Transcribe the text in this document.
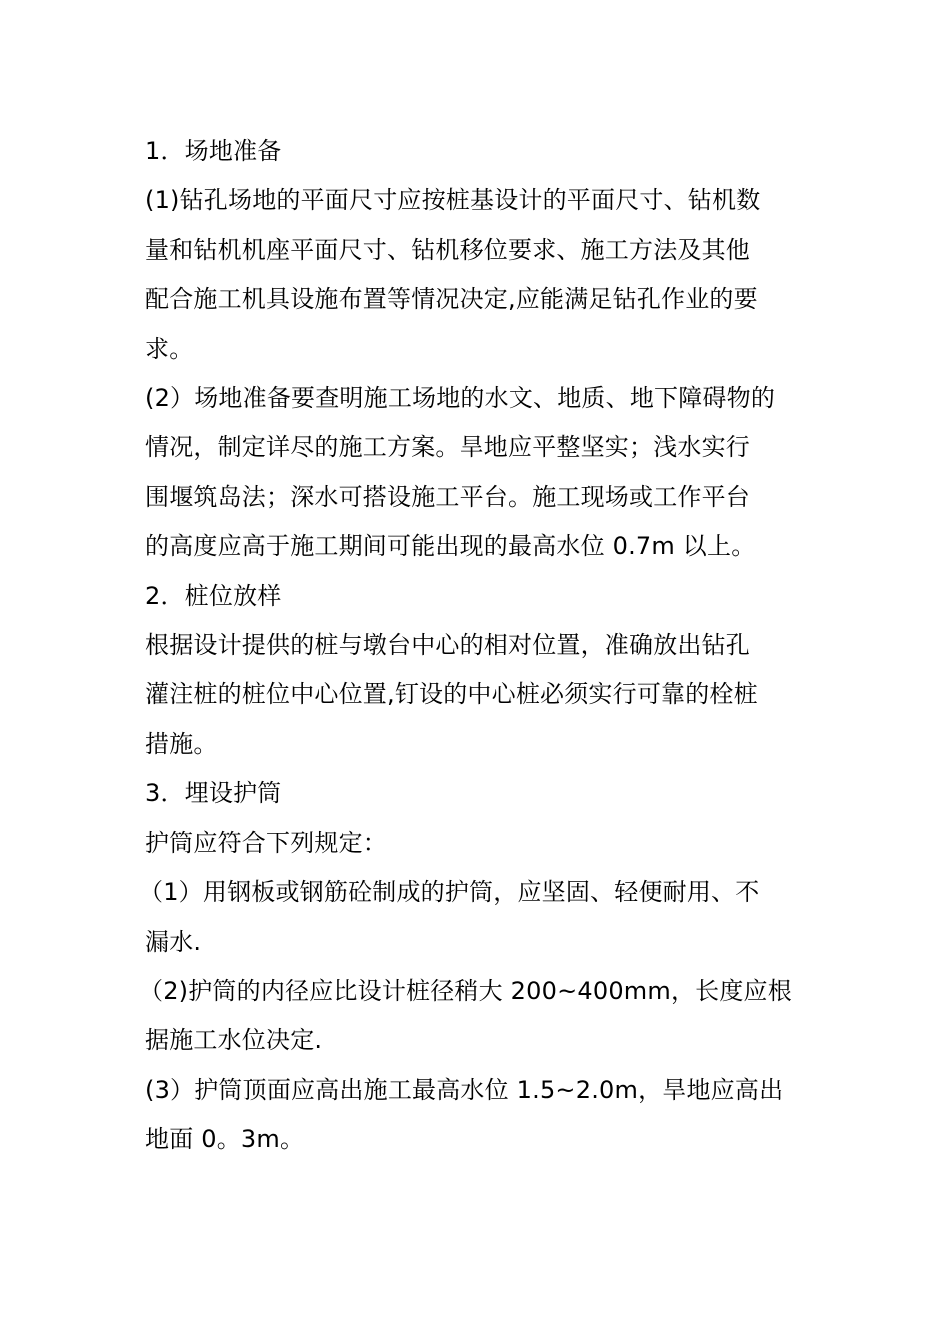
1．场地准备

(1)钻孔场地的平面尺寸应按桩基设计的平面尺寸、钻机数

量和钻机机座平面尺寸、钻机移位要求、施工方法及其他

配合施工机具设施布置等情况决定,应能满足钻孔作业的要

求。

(2）场地准备要查明施工场地的水文、地质、地下障碍物的

情况，制定详尽的施工方案。旱地应平整坚实；浅水实行

围堰筑岛法；深水可搭设施工平台。施工现场或工作平台

的高度应高于施工期间可能出现的最高水位 0.7m 以上。

2．桩位放样

根据设计提供的桩与墩台中心的相对位置，准确放出钻孔

灌注桩的桩位中心位置,钉设的中心桩必须实行可靠的栓桩

措施。

3．埋设护筒

护筒应符合下列规定：

（1）用钢板或钢筋砼制成的护筒，应坚固、轻便耐用、不

漏水.

（2)护筒的内径应比设计桩径稍大 200~400mm，长度应根

据施工水位决定.

(3）护筒顶面应高出施工最高水位 1.5~2.0m，旱地应高出

地面 0。3m。
